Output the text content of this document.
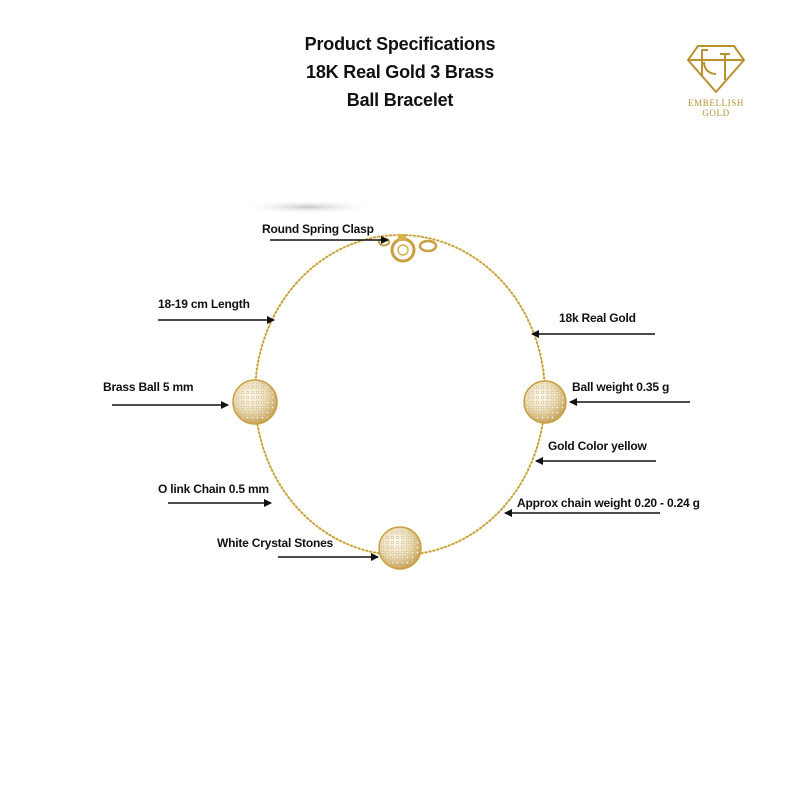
Product Specifications
18K Real Gold 3 Brass
Ball Bracelet	EMBELLISH
GOLD
Round Spring Clasp
18-19 cm Length
18k Real Gold
Brass Ball 5 mm	Ball weight 0.35 g
Gold Color yellow
O link Chain 0.5 mm
Approx chain weight 0.20 - 0.24 g
White Crystal Stones
